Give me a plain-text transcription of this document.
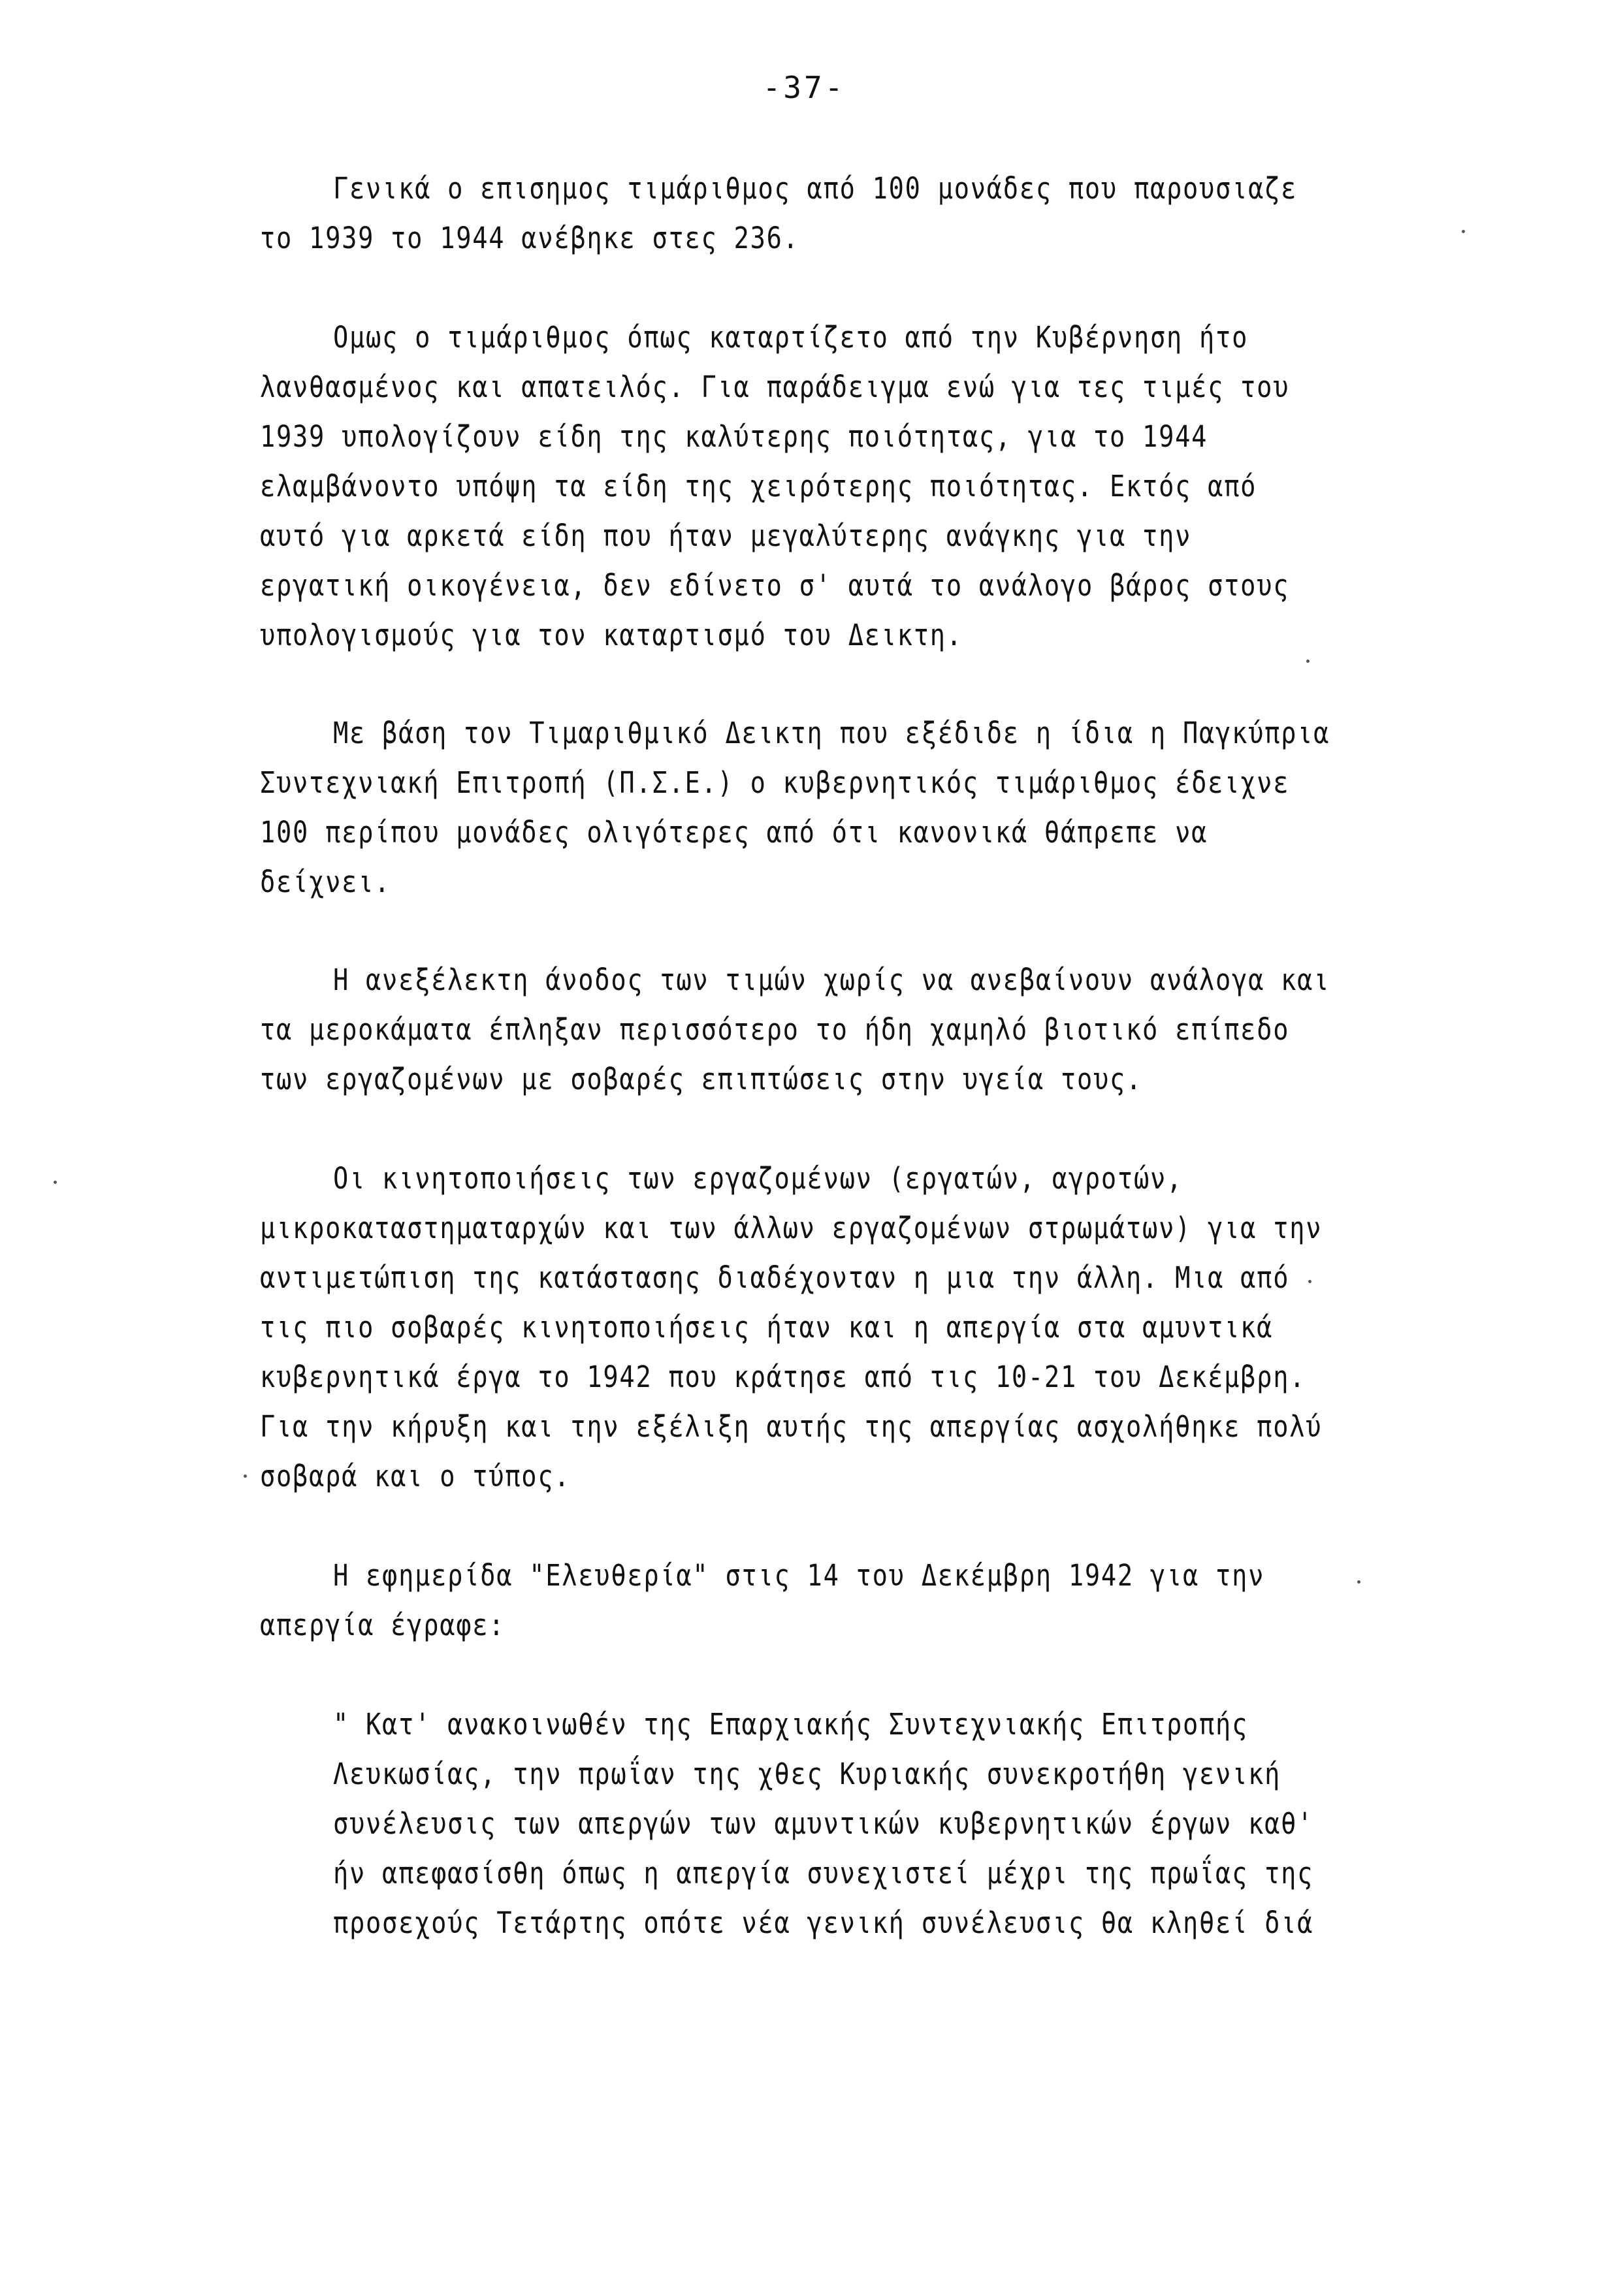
-37-
Γενικά ο επισημος τιμάριθμος από 100 μονάδες που παρουσιαζε
το 1939 το 1944 ανέβηκε στες 236.
Ομως ο τιμάριθμος όπως καταρτίζετο από την Κυβέρνηση ήτο
λανθασμένος και απατειλός. Για παράδειγμα ενώ για τες τιμές του
1939 υπολογίζουν είδη της καλύτερης ποιότητας, για το 1944
ελαμβάνοντο υπόψη τα είδη της χειρότερης ποιότητας. Εκτός από
αυτό για αρκετά είδη που ήταν μεγαλύτερης ανάγκης για την
εργατική οικογένεια, δεν εδίνετο σ' αυτά το ανάλογο βάρος στους
υπολογισμούς για τον καταρτισμό του Δεικτη.
Με βάση τον Τιμαριθμικό Δεικτη που εξέδιδε η ίδια η Παγκύπρια
Συντεχνιακή Επιτροπή (Π.Σ.Ε.) ο κυβερνητικός τιμάριθμος έδειχνε
100 περίπου μονάδες ολιγότερες από ότι κανονικά θάπρεπε να
δείχνει.
Η ανεξέλεκτη άνοδος των τιμών χωρίς να ανεβαίνουν ανάλογα και
τα μεροκάματα έπληξαν περισσότερο το ήδη χαμηλό βιοτικό επίπεδο
των εργαζομένων με σοβαρές επιπτώσεις στην υγεία τους.
Οι κινητοποιήσεις των εργαζομένων (εργατών, αγροτών,
μικροκαταστηματαρχών και των άλλων εργαζομένων στρωμάτων) για την
αντιμετώπιση της κατάστασης διαδέχονταν η μια την άλλη. Μια από
τις πιο σοβαρές κινητοποιήσεις ήταν και η απεργία στα αμυντικά
κυβερνητικά έργα το 1942 που κράτησε από τις 10-21 του Δεκέμβρη.
Για την κήρυξη και την εξέλιξη αυτής της απεργίας ασχολήθηκε πολύ
σοβαρά και ο τύπος.
Η εφημερίδα "Ελευθερία" στις 14 του Δεκέμβρη 1942 για την
απεργία έγραφε:
" Κατ' ανακοινωθέν της Επαρχιακής Συντεχνιακής Επιτροπής
Λευκωσίας, την πρωΐαν της χθες Κυριακής συνεκροτήθη γενική
συνέλευσις των απεργών των αμυντικών κυβερνητικών έργων καθ'
ήν απεφασίσθη όπως η απεργία συνεχιστεί μέχρι της πρωΐας της
προσεχούς Τετάρτης οπότε νέα γενική συνέλευσις θα κληθεί διά
